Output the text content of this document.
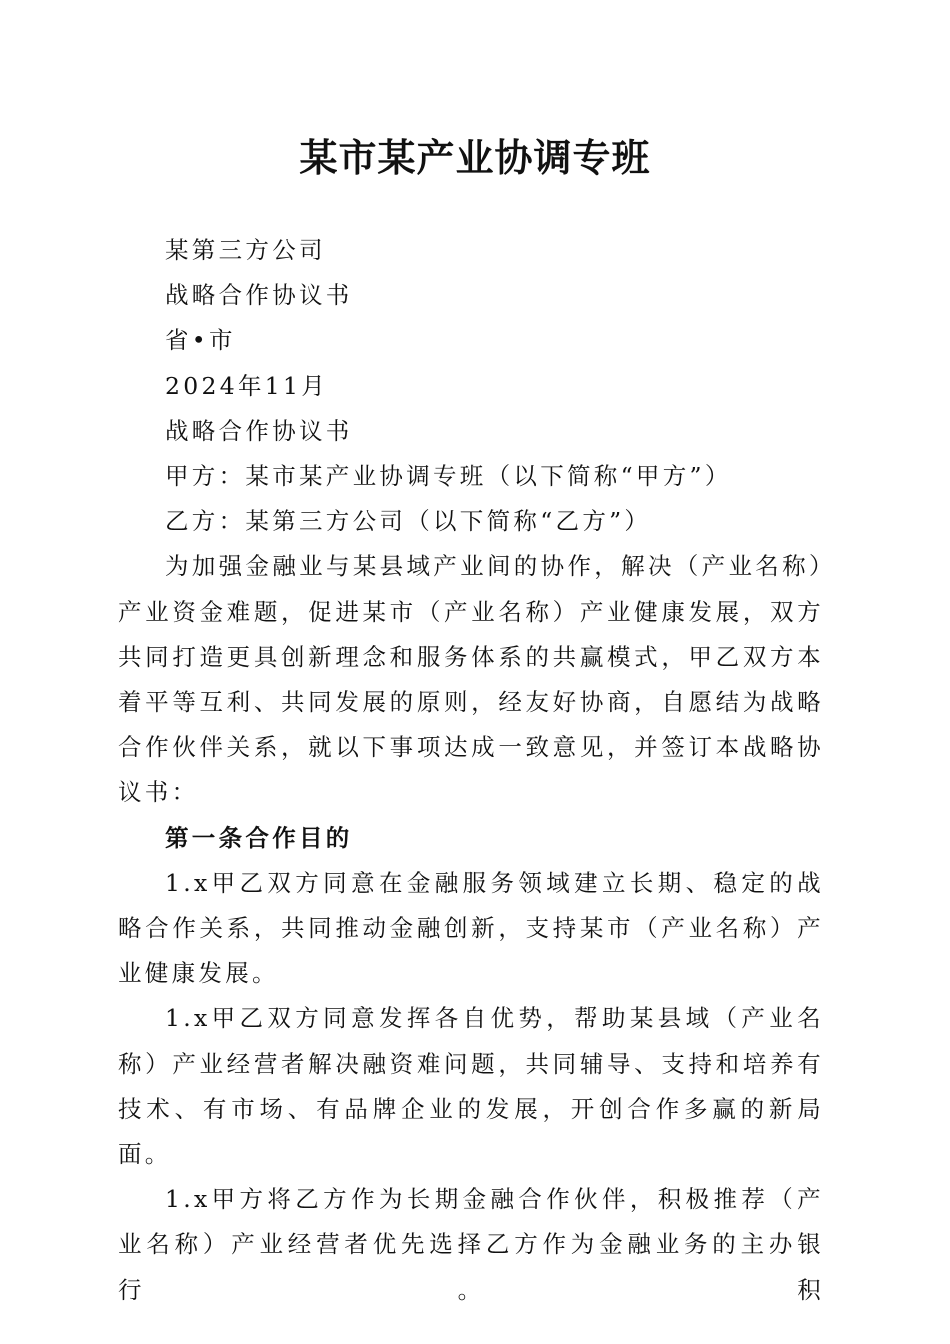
某市某产业协调专班

某第三方公司

战略合作协议书

省•市

2024年11月

战略合作协议书

甲方：某市某产业协调专班（以下简称“甲方”）

乙方：某第三方公司（以下简称“乙方”）

为加强金融业与某县域产业间的协作，解决（产业名称）产业资金难题，促进某市（产业名称）产业健康发展，双方共同打造更具创新理念和服务体系的共赢模式，甲乙双方本着平等互利、共同发展的原则，经友好协商，自愿结为战略合作伙伴关系，就以下事项达成一致意见，并签订本战略协议书：

第一条合作目的

1.x甲乙双方同意在金融服务领域建立长期、稳定的战略合作关系，共同推动金融创新，支持某市（产业名称）产业健康发展。

1.x甲乙双方同意发挥各自优势，帮助某县域（产业名称）产业经营者解决融资难问题，共同辅导、支持和培养有技术、有市场、有品牌企业的发展，开创合作多赢的新局面。

1.x甲方将乙方作为长期金融合作伙伴，积极推荐（产业名称）产业经营者优先选择乙方作为金融业务的主办银行。积
